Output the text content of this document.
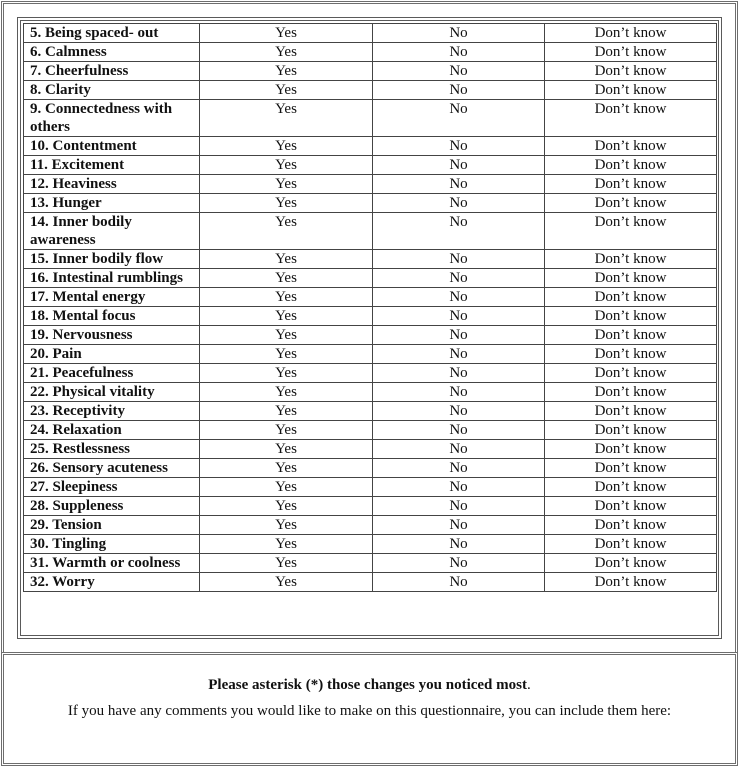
5. Being spaced- out	Yes	No	Don’t know
6. Calmness	Yes	No	Don’t know
7. Cheerfulness	Yes	No	Don’t know
8. Clarity	Yes	No	Don’t know
9. Connectedness with others	Yes	No	Don’t know
10. Contentment	Yes	No	Don’t know
11. Excitement	Yes	No	Don’t know
12. Heaviness	Yes	No	Don’t know
13. Hunger	Yes	No	Don’t know
14. Inner bodily awareness	Yes	No	Don’t know
15. Inner bodily flow	Yes	No	Don’t know
16. Intestinal rumblings	Yes	No	Don’t know
17. Mental energy	Yes	No	Don’t know
18. Mental focus	Yes	No	Don’t know
19. Nervousness	Yes	No	Don’t know
20. Pain	Yes	No	Don’t know
21. Peacefulness	Yes	No	Don’t know
22. Physical vitality	Yes	No	Don’t know
23. Receptivity	Yes	No	Don’t know
24. Relaxation	Yes	No	Don’t know
25. Restlessness	Yes	No	Don’t know
26. Sensory acuteness	Yes	No	Don’t know
27. Sleepiness	Yes	No	Don’t know
28. Suppleness	Yes	No	Don’t know
29. Tension	Yes	No	Don’t know
30. Tingling	Yes	No	Don’t know
31. Warmth or coolness	Yes	No	Don’t know
32. Worry	Yes	No	Don’t know
Please asterisk (*) those changes you noticed most.
If you have any comments you would like to make on this questionnaire, you can include them here:
